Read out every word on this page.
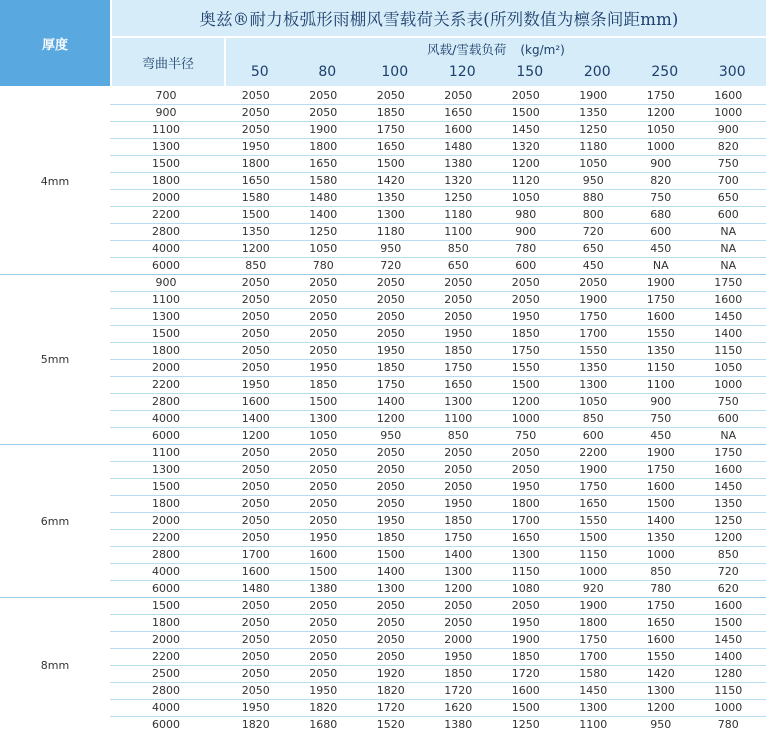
厚度
奥兹®耐力板弧形雨棚风雪载荷关系表(所列数值为檩条间距mm)
弯曲半径
风载/雪载负荷 (kg/m²)
50	80	100	120	150	200	250	300
4mm
700	2050	2050	2050	2050	2050	1900	1750	1600
900	2050	2050	1850	1650	1500	1350	1200	1000
1100	2050	1900	1750	1600	1450	1250	1050	900
1300	1950	1800	1650	1480	1320	1180	1000	820
1500	1800	1650	1500	1380	1200	1050	900	750
1800	1650	1580	1420	1320	1120	950	820	700
2000	1580	1480	1350	1250	1050	880	750	650
2200	1500	1400	1300	1180	980	800	680	600
2800	1350	1250	1180	1100	900	720	600	NA
4000	1200	1050	950	850	780	650	450	NA
6000	850	780	720	650	600	450	NA	NA
5mm
900	2050	2050	2050	2050	2050	2050	1900	1750
1100	2050	2050	2050	2050	2050	1900	1750	1600
1300	2050	2050	2050	2050	1950	1750	1600	1450
1500	2050	2050	2050	1950	1850	1700	1550	1400
1800	2050	2050	1950	1850	1750	1550	1350	1150
2000	2050	1950	1850	1750	1550	1350	1150	1050
2200	1950	1850	1750	1650	1500	1300	1100	1000
2800	1600	1500	1400	1300	1200	1050	900	750
4000	1400	1300	1200	1100	1000	850	750	600
6000	1200	1050	950	850	750	600	450	NA
6mm
1100	2050	2050	2050	2050	2050	2200	1900	1750
1300	2050	2050	2050	2050	2050	1900	1750	1600
1500	2050	2050	2050	2050	1950	1750	1600	1450
1800	2050	2050	2050	1950	1800	1650	1500	1350
2000	2050	2050	1950	1850	1700	1550	1400	1250
2200	2050	1950	1850	1750	1650	1500	1350	1200
2800	1700	1600	1500	1400	1300	1150	1000	850
4000	1600	1500	1400	1300	1150	1000	850	720
6000	1480	1380	1300	1200	1080	920	780	620
8mm
1500	2050	2050	2050	2050	2050	1900	1750	1600
1800	2050	2050	2050	2050	1950	1800	1650	1500
2000	2050	2050	2050	2000	1900	1750	1600	1450
2200	2050	2050	2050	1950	1850	1700	1550	1400
2500	2050	2050	1920	1850	1720	1580	1420	1280
2800	2050	1950	1820	1720	1600	1450	1300	1150
4000	1950	1820	1720	1620	1500	1300	1200	1000
6000	1820	1680	1520	1380	1250	1100	950	780
